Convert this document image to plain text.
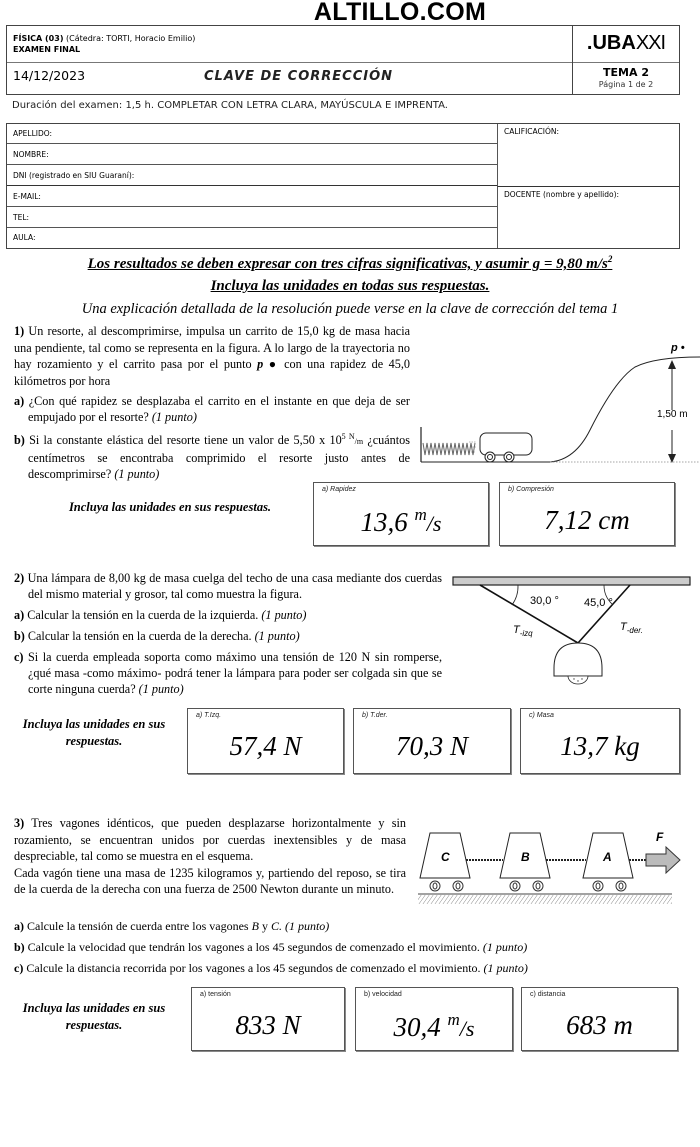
ALTILLO.COM
FÍSICA (03) (Cátedra: TORTI, Horacio Emilio)
EXAMEN FINAL	.UBAXXI
TEMA 2
Página 1 de 2
14/12/2023	CLAVE DE CORRECCIÓN
Duración del examen: 1,5 h. COMPLETAR CON LETRA CLARA, MAYÚSCULA E IMPRENTA.
APELLIDO:
NOMBRE:
DNI (registrado en SIU Guaraní):
E-MAIL:
TEL:
AULA:
CALIFICACIÓN:
DOCENTE (nombre y apellido):
Los resultados se deben expresar con tres cifras significativas, y asumir g = 9,80 $m/s^2$
Incluya las unidades en todas sus respuestas.
Una explicación detallada de la resolución puede verse en la clave de corrección del tema 1
1) Un resorte, al descomprimirse, impulsa un carrito de 15,0 kg de masa hacia una pendiente, tal como se representa en la figura. A lo largo de la trayectoria no hay rozamiento y el carrito pasa por el punto p ● con una rapidez de 45,0 kilómetros por hora
a) ¿Con qué rapidez se desplazaba el carrito en el instante en que deja de ser empujado por el resorte? (1 punto)
b) Si la constante elástica del resorte tiene un valor de 5,50 x $10^5$ $^N$/m ¿cuántos centímetros se encontraba comprimido el resorte justo antes de descomprimirse? (1 punto)
1,50 m
p •
Incluya las unidades en sus respuestas.
a) Rapidez
13,6 $^m$/s
b) Compresión
7,12 cm
2) Una lámpara de 8,00 kg de masa cuelga del techo de una casa mediante dos cuerdas del mismo material y grosor, tal como muestra la figura.
a) Calcular la tensión en la cuerda de la izquierda. (1 punto)
b) Calcular la tensión en la cuerda de la derecha. (1 punto)
c) Si la cuerda empleada soporta como máximo una tensión de 120 N sin romperse, ¿qué masa -como máximo- podrá tener la lámpara para poder ser colgada sin que se corte ninguna cuerda? (1 punto)
30,0 ° 45,0 °
$T_{-izq}$
$T_{-der.}$
Incluya las unidades en sus respuestas.
a) T.Izq.
57,4 N
b) T.der.
70,3 N
c) Masa
13,7 kg
3) Tres vagones idénticos, que pueden desplazarse horizontalmente y sin rozamiento, se encuentran unidos por cuerdas inextensibles y de masa despreciable, tal como se muestra en el esquema.
Cada vagón tiene una masa de 1235 kilogramos y, partiendo del reposo, se tira de la cuerda de la derecha con una fuerza de 2500 Newton durante un minuto.
a) Calcule la tensión de cuerda entre los vagones B y C. (1 punto)
b) Calcule la velocidad que tendrán los vagones a los 45 segundos de comenzado el movimiento. (1 punto)
c) Calcule la distancia recorrida por los vagones a los 45 segundos de comenzado el movimiento. (1 punto)
C	B	A
F
Incluya las unidades en sus respuestas.
a) tensión
833 N
b) velocidad
30,4 $^m$/s
c) distancia
683 m
